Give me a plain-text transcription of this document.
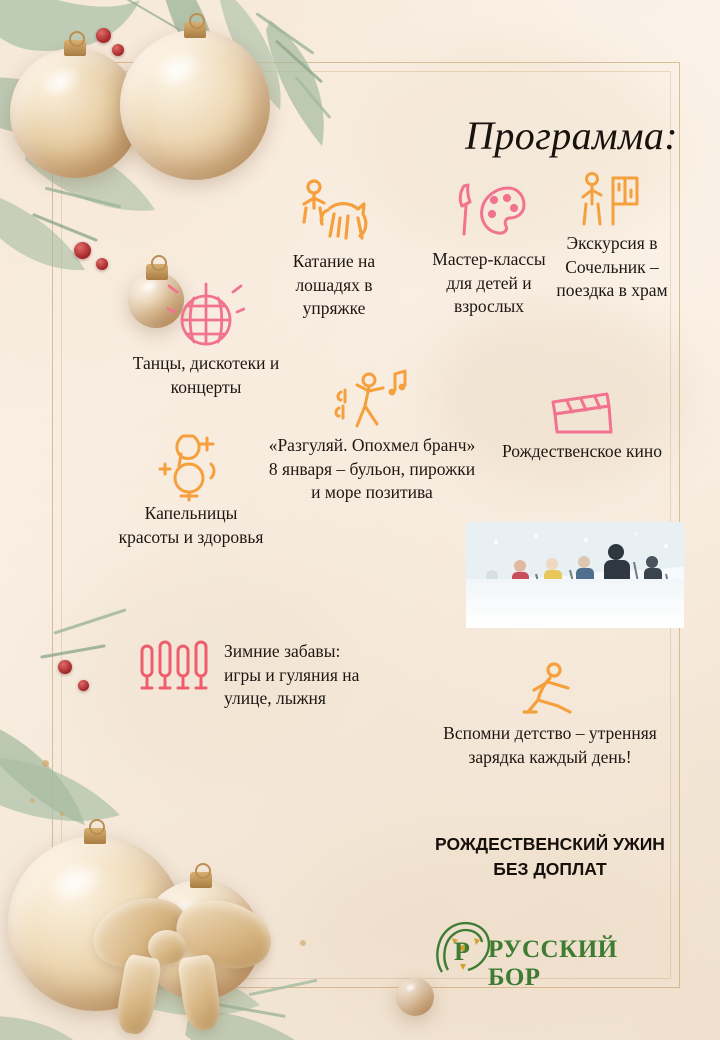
Программа:
Катание на лошадях в упряжке
Мастер-классы для детей и взрослых
Экскурсия в Сочельник – поездка в храм
Танцы, дискотеки и концерты
«Разгуляй. Опохмел бранч» 8 января – бульон, пирожки и море позитива
Рождественское кино
Капельницы красоты и здоровья
Зимние забавы: игры и гуляния на улице, лыжня
Вспомни детство – утренняя зарядка каждый день!
РОЖДЕСТВЕНСКИЙ УЖИН БЕЗ ДОПЛАТ
Р РУССКИЙ БОР
